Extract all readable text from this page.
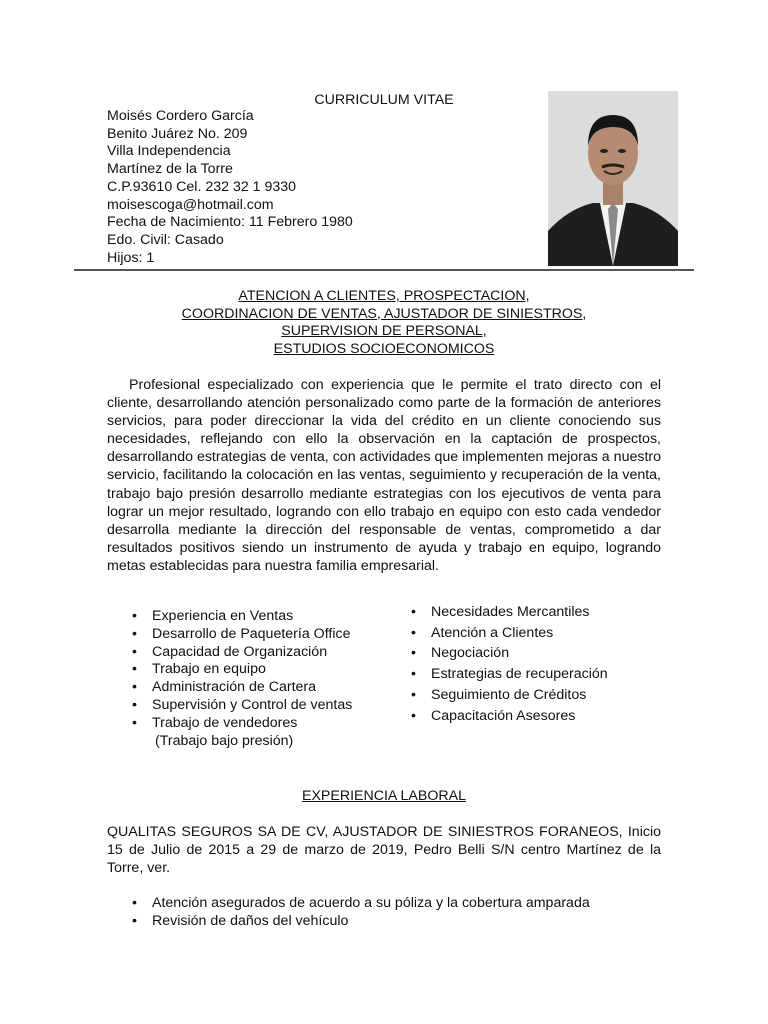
CURRICULUM VITAE
Moisés Cordero García
Benito Juárez No. 209
Villa Independencia
Martínez de la Torre
C.P.93610 Cel. 232 32 1 9330
moisescoga@hotmail.com
Fecha de Nacimiento: 11 Febrero 1980
Edo. Civil: Casado
Hijos: 1
ATENCION A CLIENTES, PROSPECTACION,
COORDINACION DE VENTAS, AJUSTADOR DE SINIESTROS,
SUPERVISION DE PERSONAL,
ESTUDIOS SOCIOECONOMICOS
Profesional especializado con experiencia que le permite el trato directo con el cliente, desarrollando atención personalizado como parte de la formación de anteriores servicios, para poder direccionar la vida del crédito en un cliente conociendo sus necesidades, reflejando con ello la observación en la captación de prospectos, desarrollando estrategias de venta, con actividades que implementen mejoras a nuestro servicio, facilitando la colocación en las ventas, seguimiento y recuperación de la venta, trabajo bajo presión desarrollo mediante estrategias con los ejecutivos de venta para lograr un mejor resultado, logrando con ello trabajo en equipo con esto cada vendedor desarrolla mediante la dirección del responsable de ventas, comprometido a dar resultados positivos siendo un instrumento de ayuda y trabajo en equipo, logrando metas establecidas para nuestra familia empresarial.
• Experiencia en Ventas
• Desarrollo de Paquetería Office
• Capacidad de Organización
• Trabajo en equipo
• Administración de Cartera
• Supervisión y Control de ventas
• Trabajo de vendedores
(Trabajo bajo presión)
• Necesidades Mercantiles
• Atención a Clientes
• Negociación
• Estrategias de recuperación
• Seguimiento de Créditos
• Capacitación Asesores
EXPERIENCIA LABORAL
QUALITAS SEGUROS SA DE CV, AJUSTADOR DE SINIESTROS FORANEOS, Inicio 15 de Julio de 2015 a 29 de marzo de 2019, Pedro Belli S/N centro Martínez de la Torre, ver.
• Atención asegurados de acuerdo a su póliza y la cobertura amparada
• Revisión de daños del vehículo
